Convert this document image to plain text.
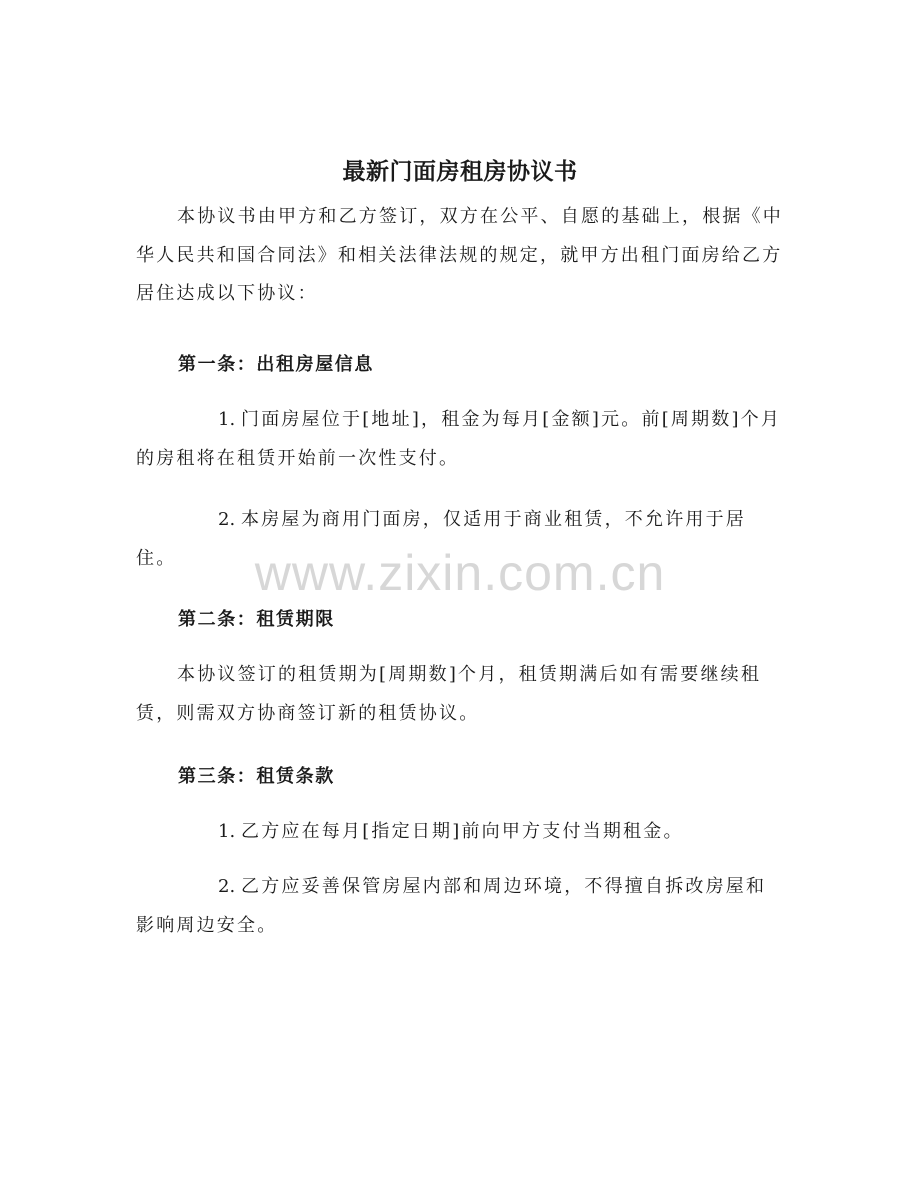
最新门面房租房协议书

本协议书由甲方和乙方签订，双方在公平、自愿的基础上，根据《中华人民共和国合同法》和相关法律法规的规定，就甲方出租门面房给乙方居住达成以下协议：

第一条：出租房屋信息

1. 门面房屋位于[地址]，租金为每月[金额]元。前[周期数]个月的房租将在租赁开始前一次性支付。

2. 本房屋为商用门面房，仅适用于商业租赁，不允许用于居住。

第二条：租赁期限

本协议签订的租赁期为[周期数]个月，租赁期满后如有需要继续租赁，则需双方协商签订新的租赁协议。

第三条：租赁条款

1. 乙方应在每月[指定日期]前向甲方支付当期租金。

2. 乙方应妥善保管房屋内部和周边环境，不得擅自拆改房屋和影响周边安全。

www.zixin.com.cn
